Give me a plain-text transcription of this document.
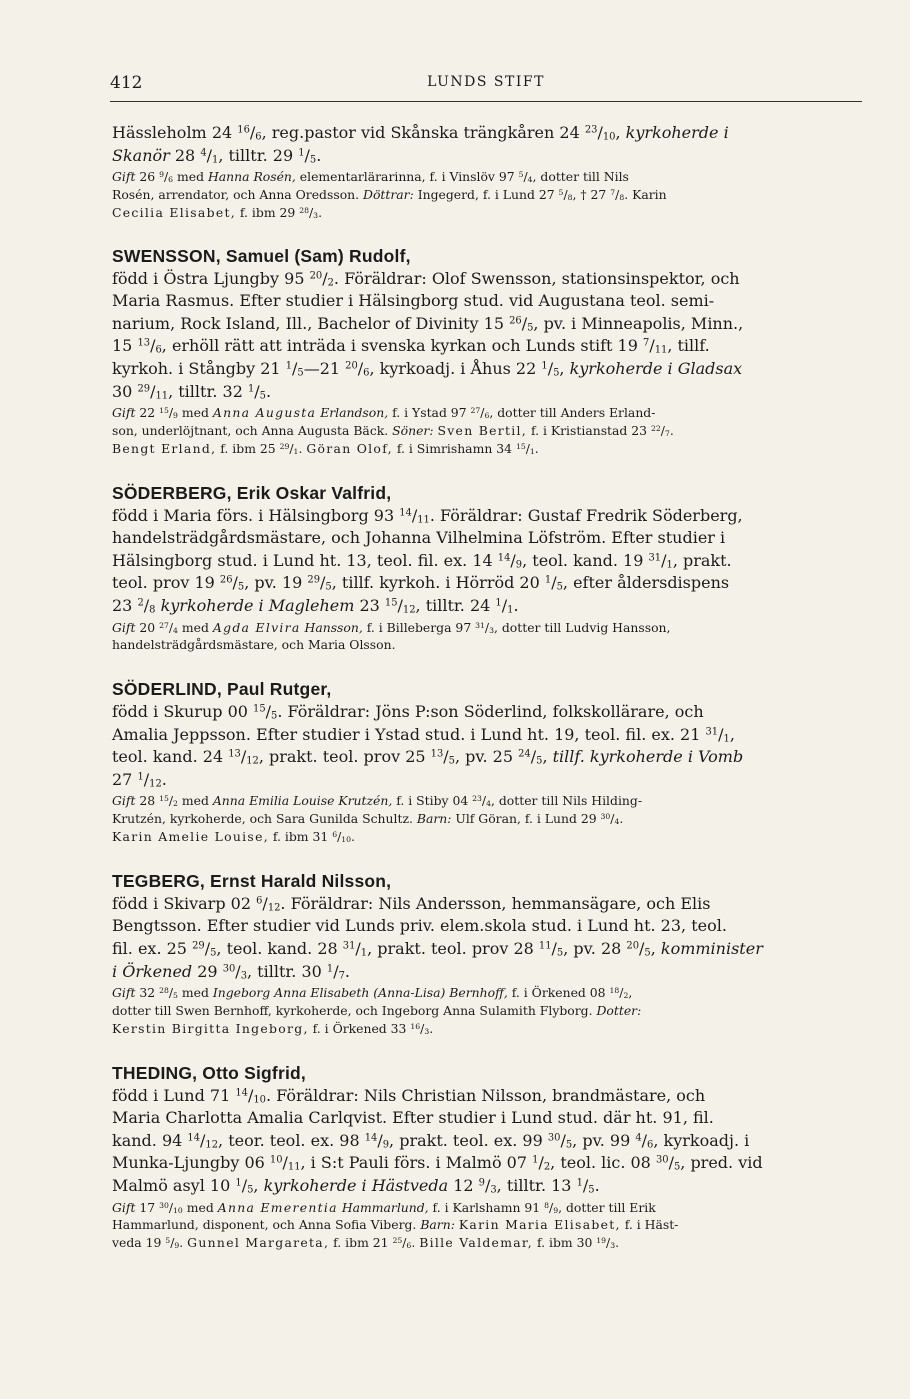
412	LUNDS STIFT
Hässleholm 24 $^{16}/_6$, reg.pastor vid Skånska trängkåren 24 $^{23}/_{10}$, kyrkoherde i
Skanör 28 $^4/_1$, tilltr. 29 $^1/_5$.
Gift 26 $^9/_6$ med Hanna Rosén, elementarlärarinna, f. i Vinslöv 97 $^5/_4$, dotter till Nils
Rosén, arrendator, och Anna Oredsson. Döttrar: Ingegerd, f. i Lund 27 $^5/_8$, † 27 $^7/_8$. Karin
Cecilia Elisabet, f. ibm 29 $^{28}/_3$.
SWENSSON, Samuel (Sam) Rudolf,
född i Östra Ljungby 95 $^{20}/_2$. Föräldrar: Olof Swensson, stationsinspektor, och
Maria Rasmus. Efter studier i Hälsingborg stud. vid Augustana teol. semi-
narium, Rock Island, Ill., Bachelor of Divinity 15 $^{26}/_5$, pv. i Minneapolis, Minn.,
15 $^{13}/_6$, erhöll rätt att inträda i svenska kyrkan och Lunds stift 19 $^7/_{11}$, tillf.
kyrkoh. i Stångby 21 $^1/_5—21$ $^{20}/_6$, kyrkoadj. i Åhus 22 $^1/_5$, kyrkoherde i Gladsax
30 $^{29}/_{11}$, tilltr. 32 $^1/_5$.
Gift 22 $^{15}/_9$ med Anna Augusta Erlandson, f. i Ystad 97 $^{27}/_6$, dotter till Anders Erland-
son, underlöjtnant, och Anna Augusta Bäck. Söner: Sven Bertil, f. i Kristianstad 23 $^{22}/_7$.
Bengt Erland, f. ibm 25 $^{29}/_1$. Göran Olof, f. i Simrishamn 34 $^{15}/_1$.
SÖDERBERG, Erik Oskar Valfrid,
född i Maria förs. i Hälsingborg 93 $^{14}/_{11}$. Föräldrar: Gustaf Fredrik Söderberg,
handelsträdgårdsmästare, och Johanna Vilhelmina Löfström. Efter studier i
Hälsingborg stud. i Lund ht. 13, teol. fil. ex. 14 $^{14}/_9$, teol. kand. 19 $^{31}/_1$, prakt.
teol. prov 19 $^{26}/_5$, pv. 19 $^{29}/_5$, tillf. kyrkoh. i Hörröd 20 $^1/_5$, efter åldersdispens
23 $^2/_8$ kyrkoherde i Maglehem 23 $^{15}/_{12}$, tilltr. 24 $^1/_1$.
Gift 20 $^{27}/_4$ med Agda Elvira Hansson, f. i Billeberga 97 $^{31}/_3$, dotter till Ludvig Hansson,
handelsträdgårdsmästare, och Maria Olsson.
SÖDERLIND, Paul Rutger,
född i Skurup 00 $^{15}/_5$. Föräldrar: Jöns P:son Söderlind, folkskollärare, och
Amalia Jeppsson. Efter studier i Ystad stud. i Lund ht. 19, teol. fil. ex. 21 $^{31}/_1$,
teol. kand. 24 $^{13}/_{12}$, prakt. teol. prov 25 $^{13}/_5$, pv. 25 $^{24}/_5$, tillf. kyrkoherde i Vomb
27 $^1/_{12}$.
Gift 28 $^{15}/_2$ med Anna Emilia Louise Krutzén, f. i Stiby 04 $^{23}/_4$, dotter till Nils Hilding-
Krutzén, kyrkoherde, och Sara Gunilda Schultz. Barn: Ulf Göran, f. i Lund 29 $^{30}/_4$.
Karin Amelie Louise, f. ibm 31 $^6/_{10}$.
TEGBERG, Ernst Harald Nilsson,
född i Skivarp 02 $^6/_{12}$. Föräldrar: Nils Andersson, hemmansägare, och Elis
Bengtsson. Efter studier vid Lunds priv. elem.skola stud. i Lund ht. 23, teol.
fil. ex. 25 $^{29}/_5$, teol. kand. 28 $^{31}/_1$, prakt. teol. prov 28 $^{11}/_5$, pv. 28 $^{20}/_5$, komminister
i Örkened 29 $^{30}/_3$, tilltr. 30 $^1/_7$.
Gift 32 $^{28}/_5$ med Ingeborg Anna Elisabeth (Anna-Lisa) Bernhoff, f. i Örkened 08 $^{18}/_2$,
dotter till Swen Bernhoff, kyrkoherde, och Ingeborg Anna Sulamith Flyborg. Dotter:
Kerstin Birgitta Ingeborg, f. i Örkened 33 $^{16}/_3$.
THEDING, Otto Sigfrid,
född i Lund 71 $^{14}/_{10}$. Föräldrar: Nils Christian Nilsson, brandmästare, och
Maria Charlotta Amalia Carlqvist. Efter studier i Lund stud. där ht. 91, fil.
kand. 94 $^{14}/_{12}$, teor. teol. ex. 98 $^{14}/_9$, prakt. teol. ex. 99 $^{30}/_5$, pv. 99 $^4/_6$, kyrkoadj. i
Munka-Ljungby 06 $^{10}/_{11}$, i S:t Pauli förs. i Malmö 07 $^1/_2$, teol. lic. 08 $^{30}/_5$, pred. vid
Malmö asyl 10 $^1/_5$, kyrkoherde i Hästveda 12 $^9/_3$, tilltr. 13 $^1/_5$.
Gift 17 $^{30}/_{10}$ med Anna Emerentia Hammarlund, f. i Karlshamn 91 $^8/_9$, dotter till Erik
Hammarlund, disponent, och Anna Sofia Viberg. Barn: Karin Maria Elisabet, f. i Häst-
veda 19 $^5/_9$. Gunnel Margareta, f. ibm 21 $^{25}/_6$. Bille Valdemar, f. ibm 30 $^{19}/_3$.
